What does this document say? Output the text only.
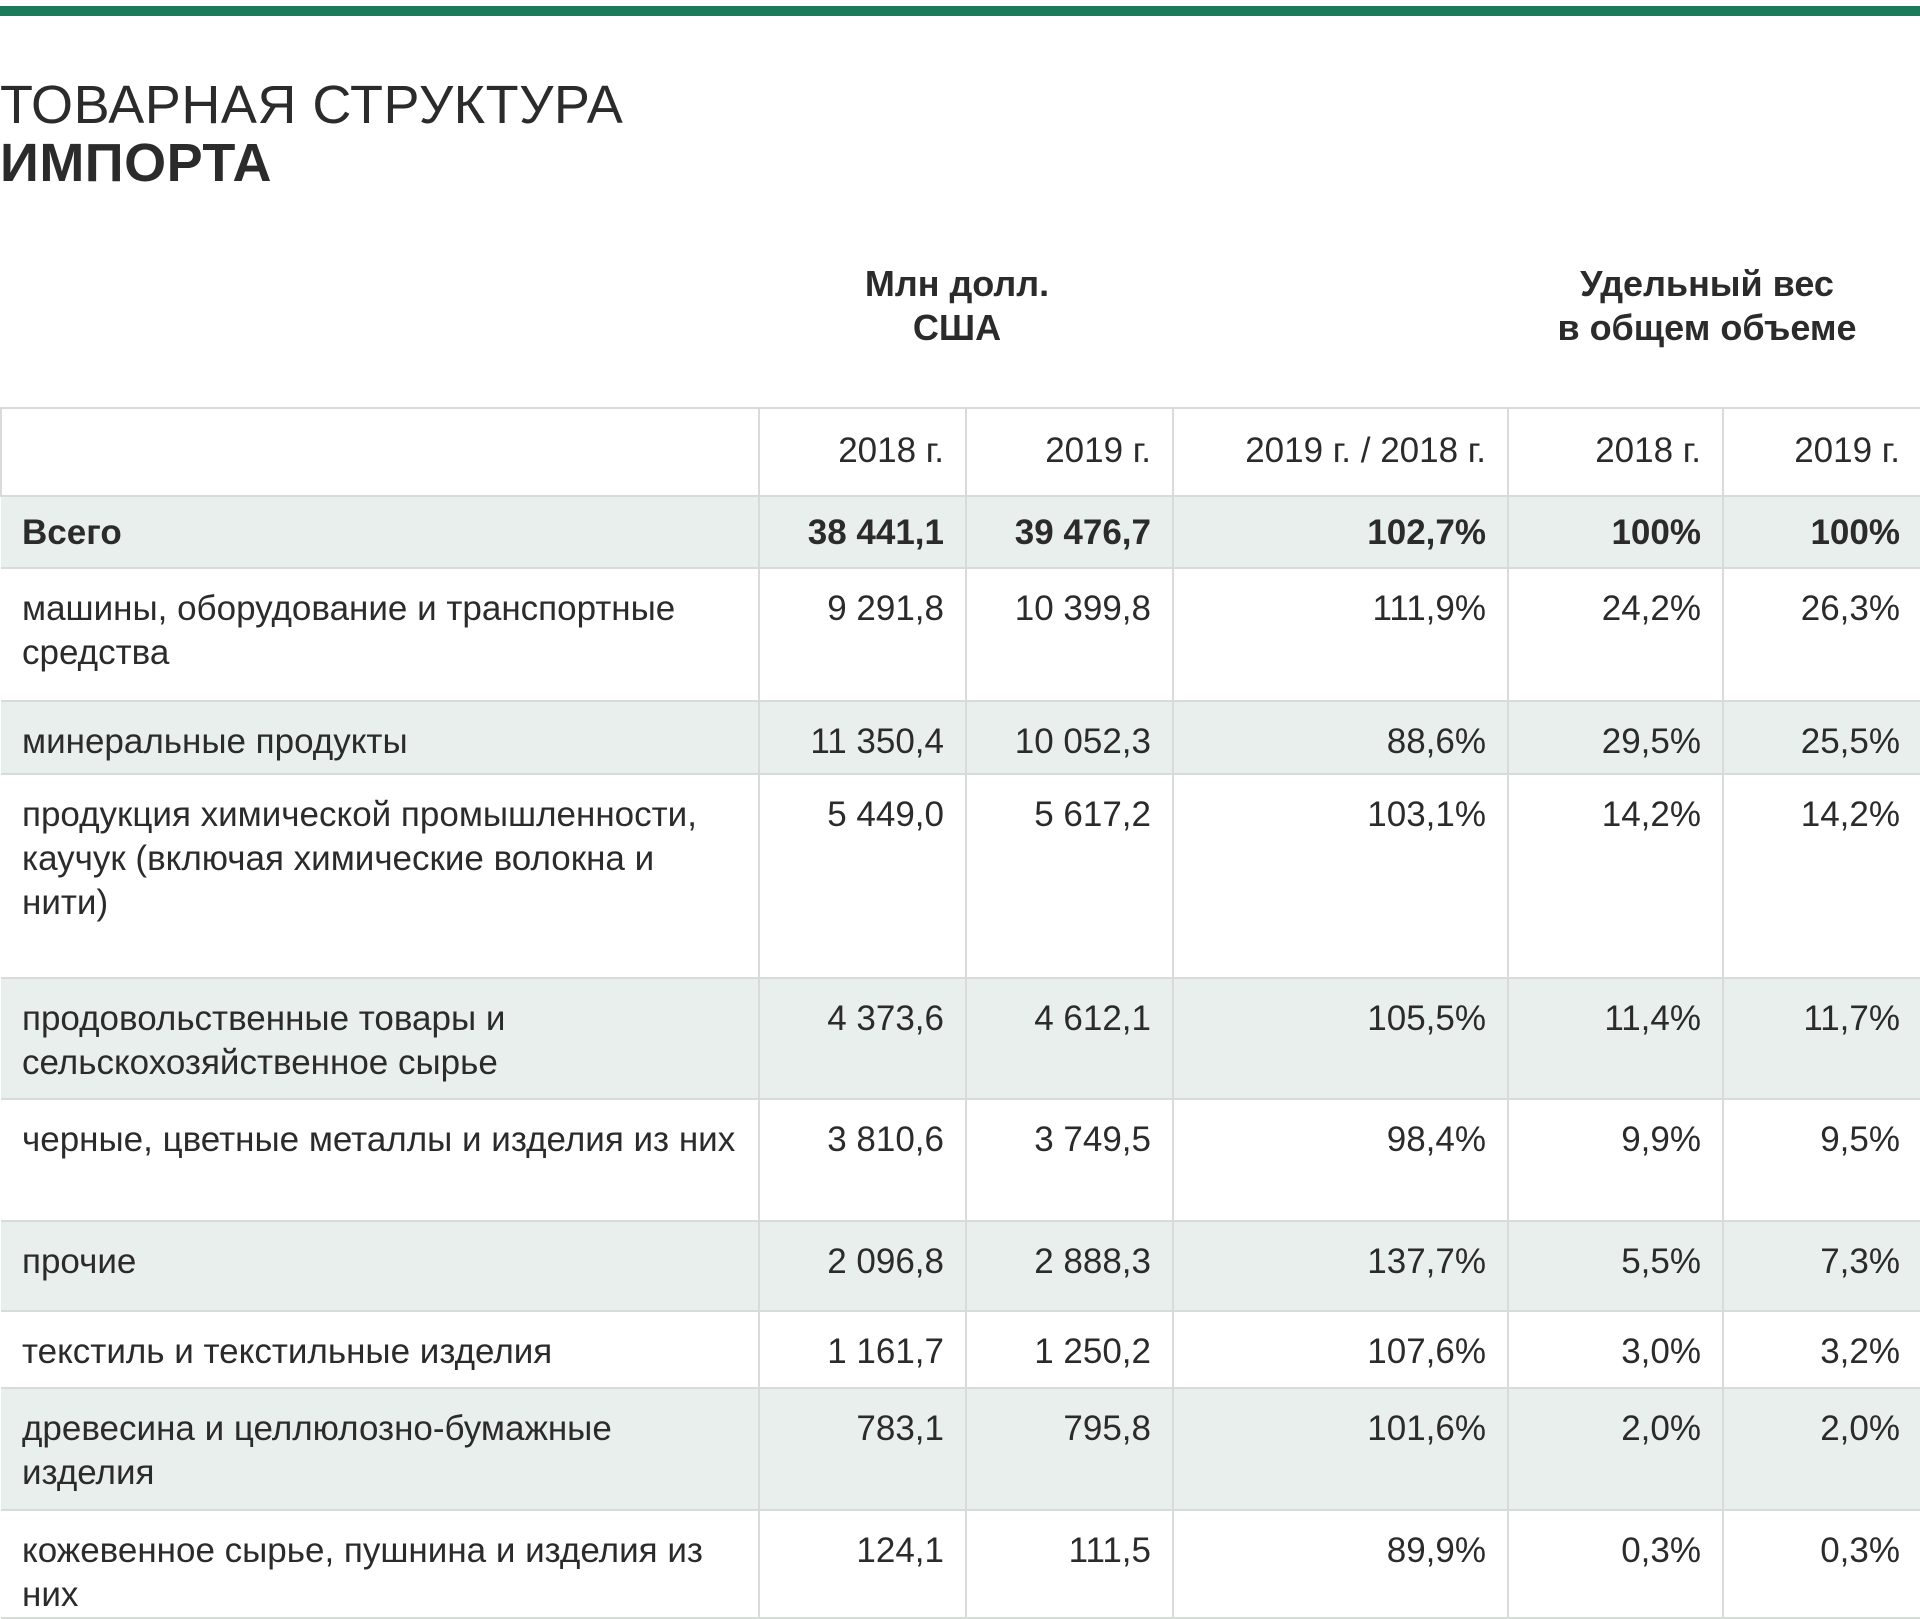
ТОВАРНАЯ СТРУКТУРА
ИМПОРТА
Млн долл.
США
Удельный вес
в общем объеме
	2018 г.	2019 г.	2019 г. / 2018 г.	2018 г.	2019 г.
Всего	38 441,1	39 476,7	102,7%	100%	100%
машины, оборудование и транспортные средства	9 291,8	10 399,8	111,9%	24,2%	26,3%
минеральные продукты	11 350,4	10 052,3	88,6%	29,5%	25,5%
продукция химической промышленности, каучук (включая химические волокна и нити)	5 449,0	5 617,2	103,1%	14,2%	14,2%
продовольственные товары и сельскохозяйственное сырье	4 373,6	4 612,1	105,5%	11,4%	11,7%
черные, цветные металлы и изделия из них	3 810,6	3 749,5	98,4%	9,9%	9,5%
прочие	2 096,8	2 888,3	137,7%	5,5%	7,3%
текстиль и текстильные изделия	1 161,7	1 250,2	107,6%	3,0%	3,2%
древесина и целлюлозно-бумажные изделия	783,1	795,8	101,6%	2,0%	2,0%
кожевенное сырье, пушнина и изделия из них	124,1	111,5	89,9%	0,3%	0,3%
